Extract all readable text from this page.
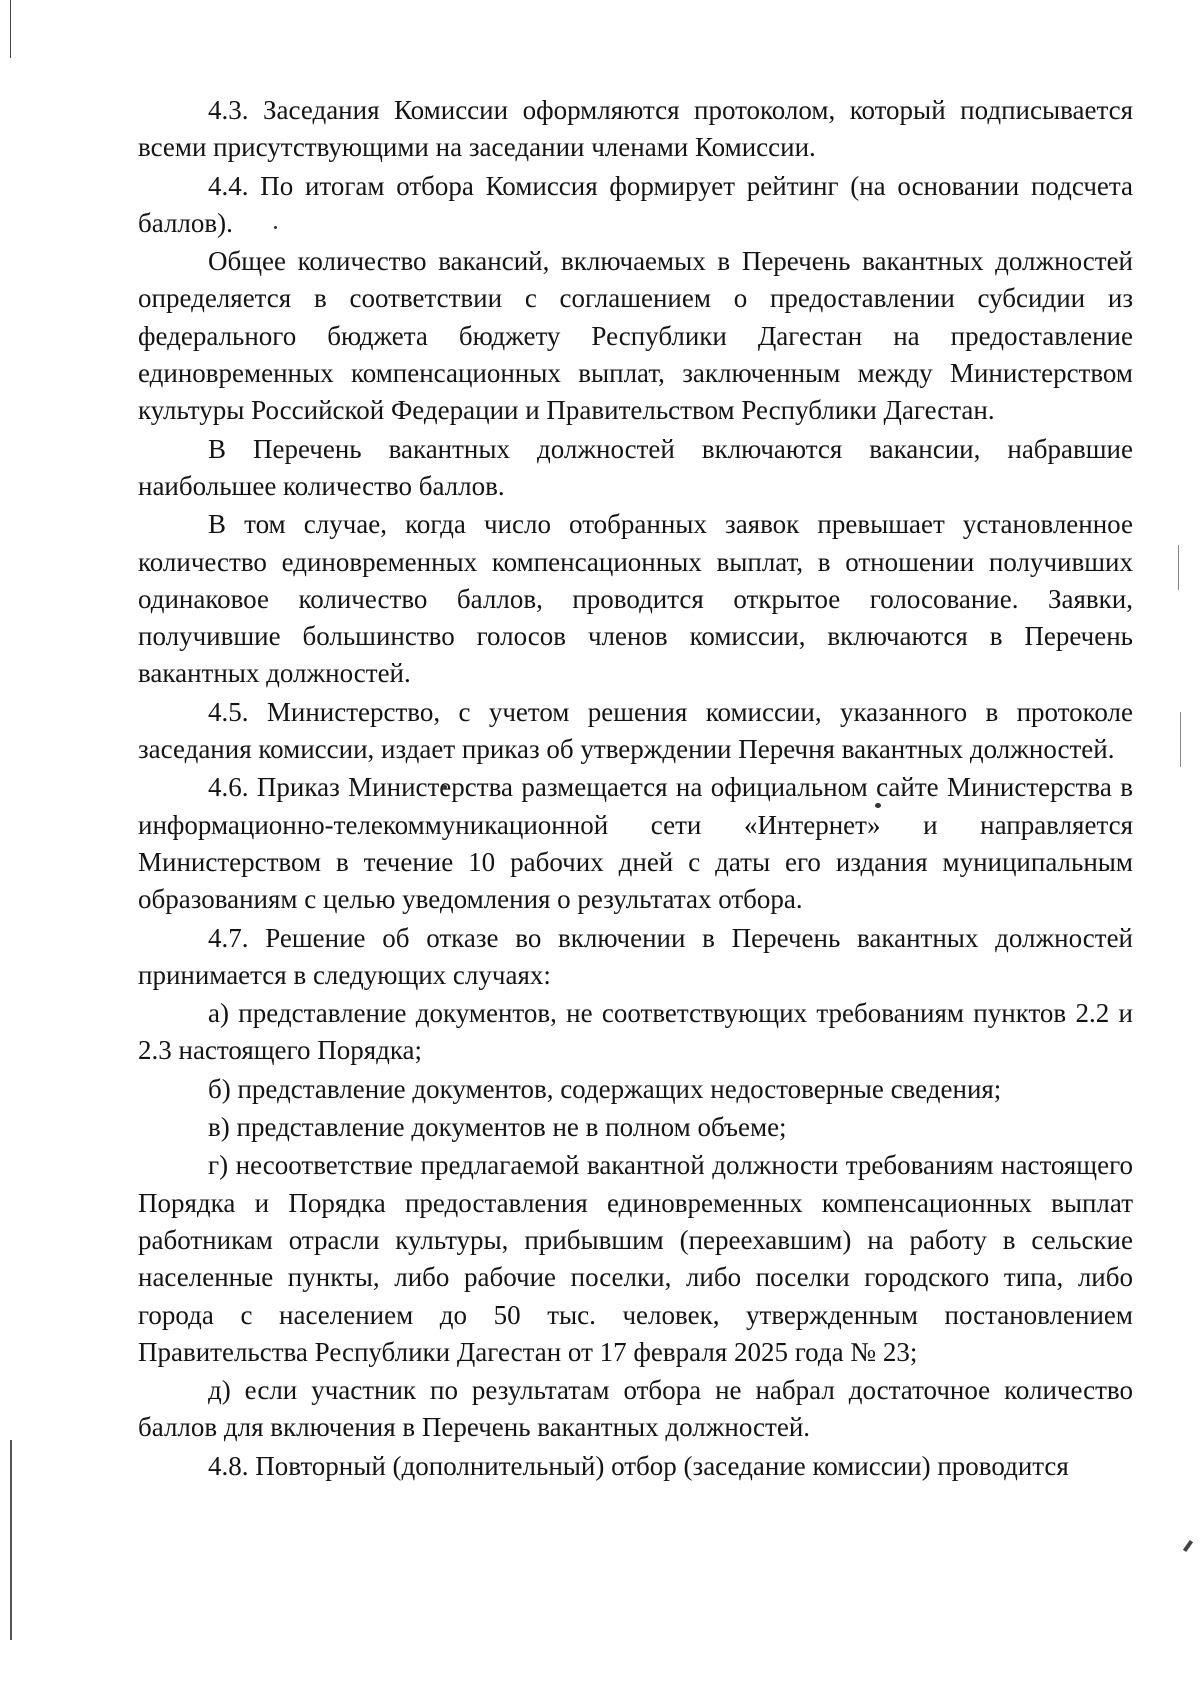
4.3. Заседания Комиссии оформляются протоколом, который подписывается всеми присутствующими на заседании членами Комиссии.

4.4. По итогам отбора Комиссия формирует рейтинг (на основании подсчета баллов).

Общее количество вакансий, включаемых в Перечень вакантных должностей определяется в соответствии с соглашением о предоставлении субсидии из федерального бюджета бюджету Республики Дагестан на предоставление единовременных компенсационных выплат, заключенным между Министерством культуры Российской Федерации и Правительством Республики Дагестан.

В Перечень вакантных должностей включаются вакансии, набравшие наибольшее количество баллов.

В том случае, когда число отобранных заявок превышает установленное количество единовременных компенсационных выплат, в отношении получивших одинаковое количество баллов, проводится открытое голосование. Заявки, получившие большинство голосов членов комиссии, включаются в Перечень вакантных должностей.

4.5. Министерство, с учетом решения комиссии, указанного в протоколе заседания комиссии, издает приказ об утверждении Перечня вакантных должностей.

4.6. Приказ Министерства размещается на официальном сайте Министерства в информационно-телекоммуникационной сети «Интернет» и направляется Министерством в течение 10 рабочих дней с даты его издания муниципальным образованиям с целью уведомления о результатах отбора.

4.7. Решение об отказе во включении в Перечень вакантных должностей принимается в следующих случаях:

а) представление документов, не соответствующих требованиям пунктов 2.2 и 2.3 настоящего Порядка;

б) представление документов, содержащих недостоверные сведения;

в) представление документов не в полном объеме;

г) несоответствие предлагаемой вакантной должности требованиям настоящего Порядка и Порядка предоставления единовременных компенсационных выплат работникам отрасли культуры, прибывшим (переехавшим) на работу в сельские населенные пункты, либо рабочие поселки, либо поселки городского типа, либо города с населением до 50 тыс. человек, утвержденным постановлением Правительства Республики Дагестан от 17 февраля 2025 года № 23;

д) если участник по результатам отбора не набрал достаточное количество баллов для включения в Перечень вакантных должностей.

4.8. Повторный (дополнительный) отбор (заседание комиссии) проводится
